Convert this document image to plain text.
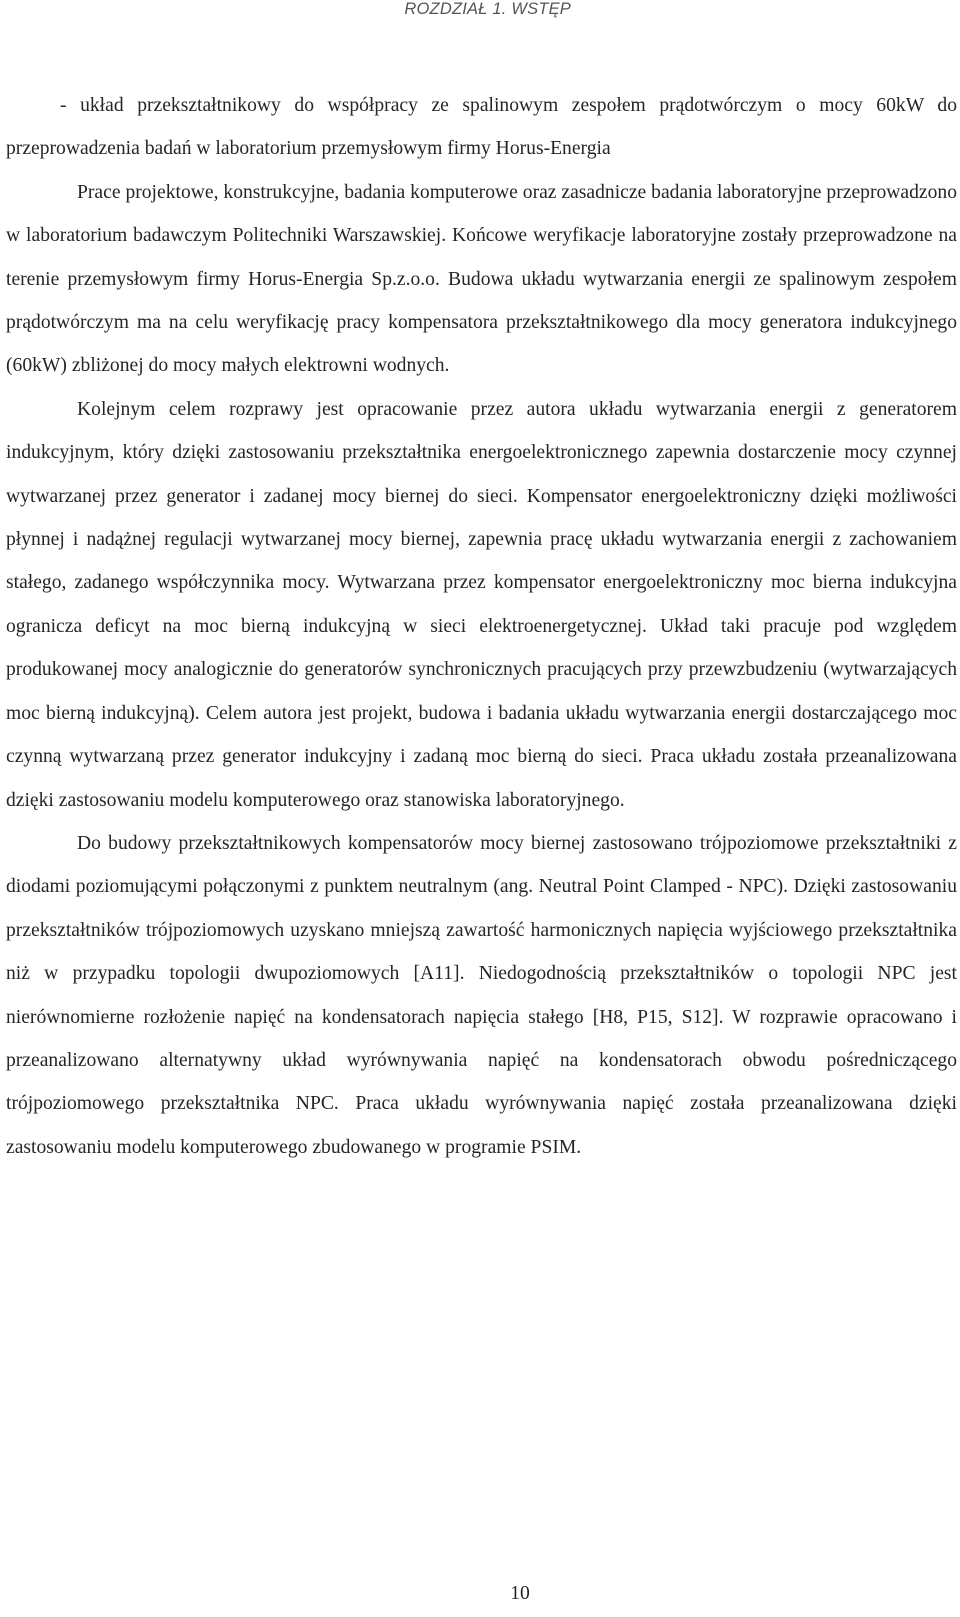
ROZDZIAŁ 1. WSTĘP

- układ przekształtnikowy do współpracy ze spalinowym zespołem prądotwórczym o mocy 60kW do przeprowadzenia badań w laboratorium przemysłowym firmy Horus-Energia

Prace projektowe, konstrukcyjne, badania komputerowe oraz zasadnicze badania laboratoryjne przeprowadzono w laboratorium badawczym Politechniki Warszawskiej. Końcowe weryfikacje laboratoryjne zostały przeprowadzone na terenie przemysłowym firmy Horus-Energia Sp.z.o.o. Budowa układu wytwarzania energii ze spalinowym zespołem prądotwórczym ma na celu weryfikację pracy kompensatora przekształtnikowego dla mocy generatora indukcyjnego (60kW) zbliżonej do mocy małych elektrowni wodnych.

Kolejnym celem rozprawy jest opracowanie przez autora układu wytwarzania energii z generatorem indukcyjnym, który dzięki zastosowaniu przekształtnika energoelektronicznego zapewnia dostarczenie mocy czynnej wytwarzanej przez generator i zadanej mocy biernej do sieci. Kompensator energoelektroniczny dzięki możliwości płynnej i nadążnej regulacji wytwarzanej mocy biernej, zapewnia pracę układu wytwarzania energii z zachowaniem stałego, zadanego współczynnika mocy. Wytwarzana przez kompensator energoelektroniczny moc bierna indukcyjna ogranicza deficyt na moc bierną indukcyjną w sieci elektroenergetycznej. Układ taki pracuje pod względem produkowanej mocy analogicznie do generatorów synchronicznych pracujących przy przewzbudzeniu (wytwarzających moc bierną indukcyjną). Celem autora jest projekt, budowa i badania układu wytwarzania energii dostarczającego moc czynną wytwarzaną przez generator indukcyjny i zadaną moc bierną do sieci. Praca układu została przeanalizowana dzięki zastosowaniu modelu komputerowego oraz stanowiska laboratoryjnego.

Do budowy przekształtnikowych kompensatorów mocy biernej zastosowano trójpoziomowe przekształtniki z diodami poziomującymi połączonymi z punktem neutralnym (ang. Neutral Point Clamped - NPC). Dzięki zastosowaniu przekształtników trójpoziomowych uzyskano mniejszą zawartość harmonicznych napięcia wyjściowego przekształtnika niż w przypadku topologii dwupoziomowych [A11]. Niedogodnością przekształtników o topologii NPC jest nierównomierne rozłożenie napięć na kondensatorach napięcia stałego [H8, P15, S12]. W rozprawie opracowano i przeanalizowano alternatywny układ wyrównywania napięć na kondensatorach obwodu pośredniczącego trójpoziomowego przekształtnika NPC. Praca układu wyrównywania napięć została przeanalizowana dzięki zastosowaniu modelu komputerowego zbudowanego w programie PSIM.

10
